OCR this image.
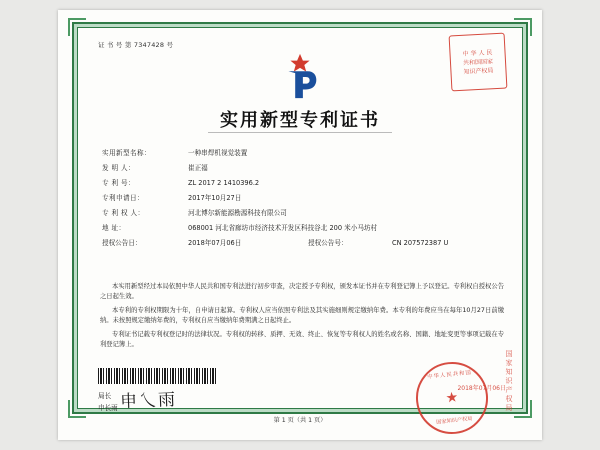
证 书 号 第 7347428 号
中 华 人 民
共和国国家
知识产权局
实用新型专利证书
实用新型名称：	一种串焊机视觉装置
发 明 人：	崔正福
专 利 号：	ZL 2017 2 1410396.2
专利申请日：	2017年10月27日
专 利 权 人：	河北博尔新能源勘源科技有限公司
地 址：	068001 河北省廊坊市经济技术开发区科技谷北 200 米小马坊村
授权公告日：	2018年07月06日	授权公告号：	CN 207572387 U

本实用新型经过本局依照中华人民共和国专利法进行初步审查，决定授予专利权，颁发本证书并在专利登记簿上予以登记。专利权自授权公告之日起生效。

本专利的专利权期限为十年，自申请日起算。专利权人应当依照专利法及其实施细则规定缴纳年费。本专利的年费应当在每年10月27日前缴纳。未按照规定缴纳年费的，专利权自应当缴纳年费期满之日起终止。

专利证书记载专利权登记时的法律状况。专利权的转移、质押、无效、终止、恢复等专利权人的姓名或名称、国籍、地址变更等事项记载在专利登记簿上。

局长
申长雨 申乀雨	国家知识产权局
中华人民共和国
★
国家知识产权局
2018年07月06日
第 1 页（共 1 页）
